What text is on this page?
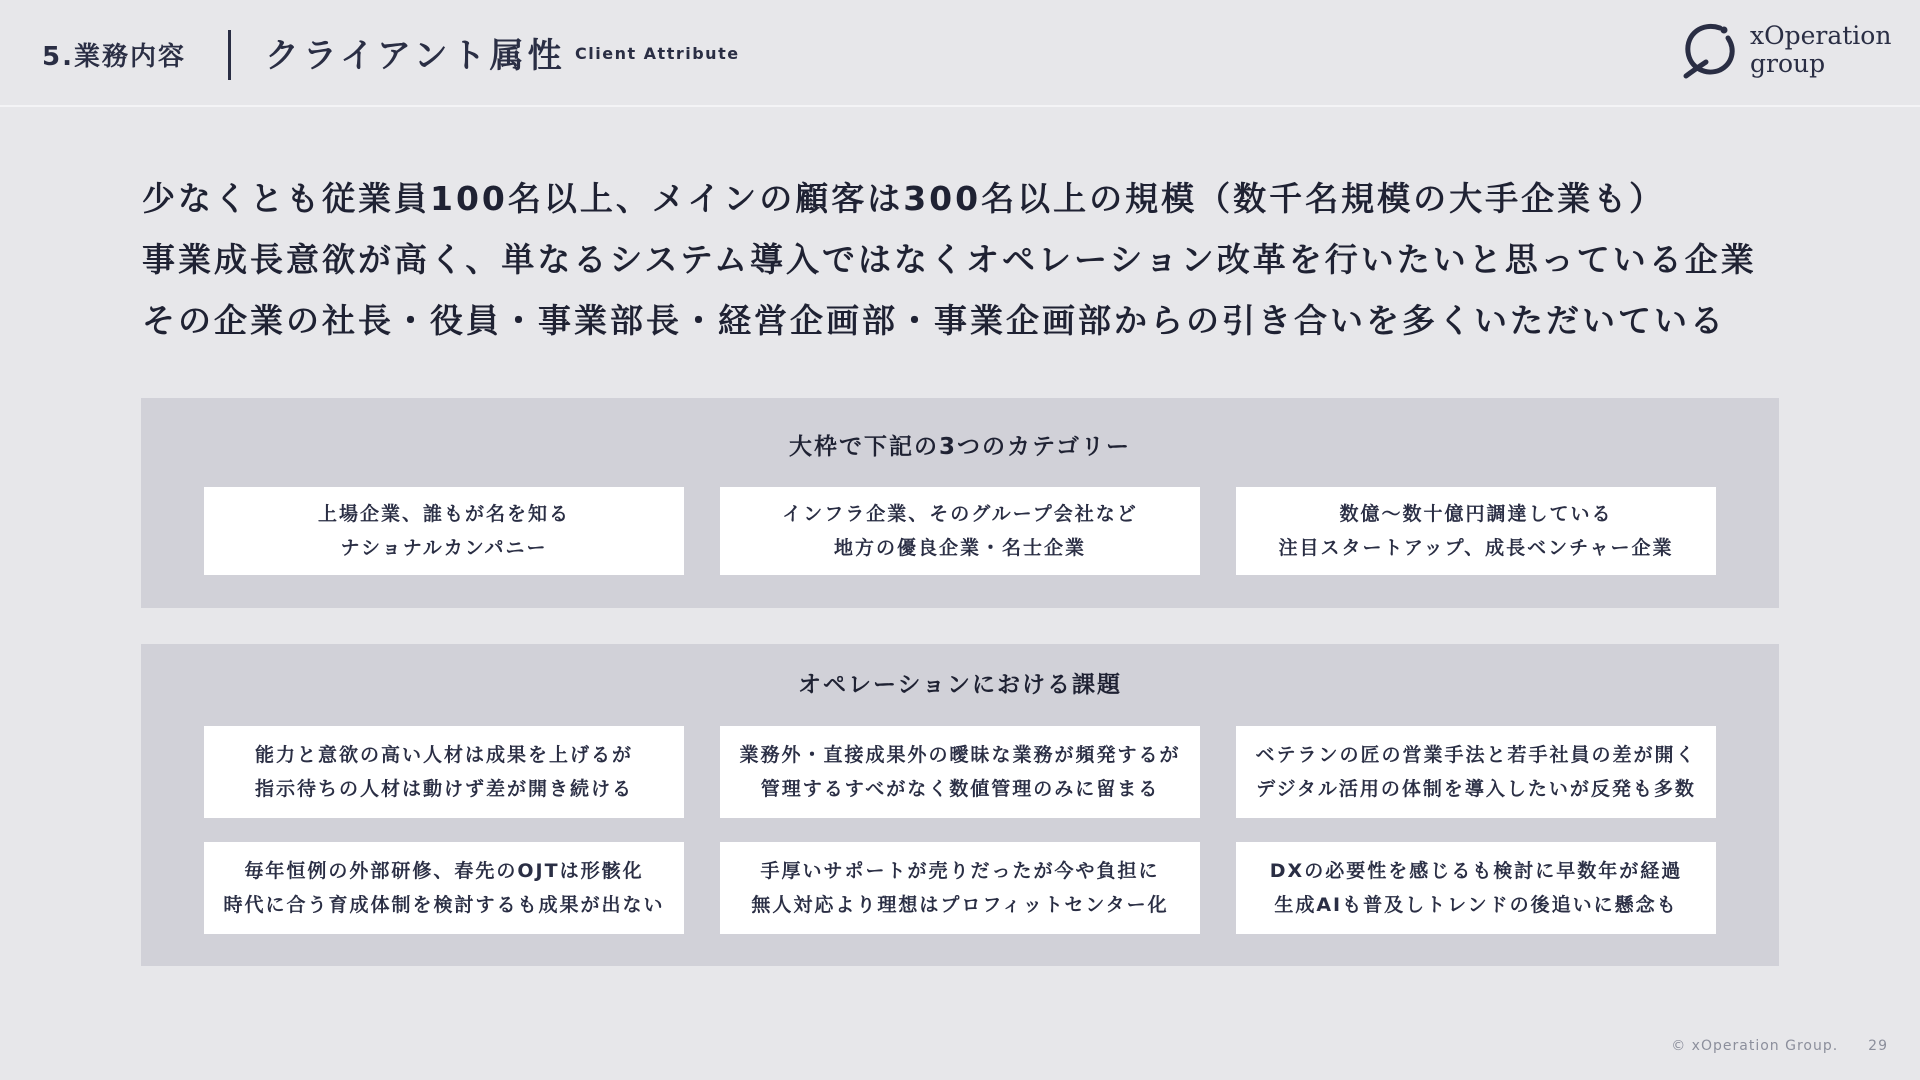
5.業務内容 クライアント属性 Client Attribute
xOperation
group
少なくとも従業員100名以上、メインの顧客は300名以上の規模（数千名規模の大手企業も）
事業成長意欲が高く、単なるシステム導入ではなくオペレーション改革を行いたいと思っている企業
その企業の社長・役員・事業部長・経営企画部・事業企画部からの引き合いを多くいただいている
大枠で下記の3つのカテゴリー
上場企業、誰もが名を知る
ナショナルカンパニー
インフラ企業、そのグループ会社など
地方の優良企業・名士企業
数億〜数十億円調達している
注目スタートアップ、成長ベンチャー企業
オペレーションにおける課題
能力と意欲の高い人材は成果を上げるが
指示待ちの人材は動けず差が開き続ける
業務外・直接成果外の曖昧な業務が頻発するが
管理するすべがなく数値管理のみに留まる
ベテランの匠の営業手法と若手社員の差が開く
デジタル活用の体制を導入したいが反発も多数
毎年恒例の外部研修、春先のOJTは形骸化
時代に合う育成体制を検討するも成果が出ない
手厚いサポートが売りだったが今や負担に
無人対応より理想はプロフィットセンター化
DXの必要性を感じるも検討に早数年が経過
生成AIも普及しトレンドの後追いに懸念も
© xOperation Group. 29
